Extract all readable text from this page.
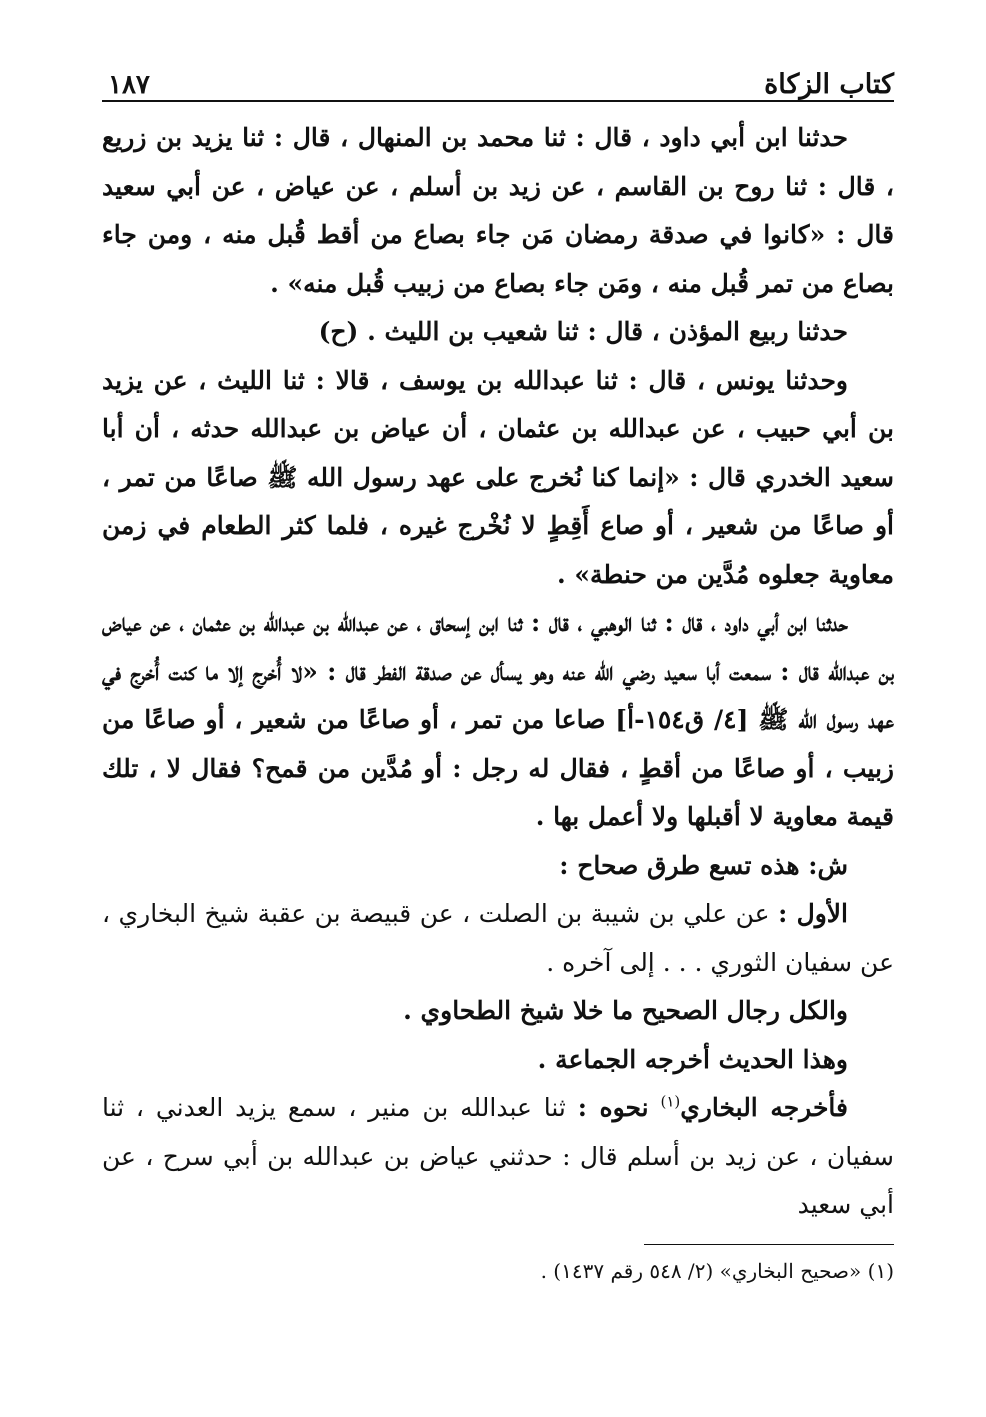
كتاب الزكاة
١٨٧

حدثنا ابن أبي داود ، قال : ثنا محمد بن المنهال ، قال : ثنا يزيد بن زريع ، قال : ثنا روح بن القاسم ، عن زيد بن أسلم ، عن عياض ، عن أبي سعيد قال : «كانوا في صدقة رمضان مَن جاء بصاع من أقط قُبل منه ، ومن جاء بصاع من تمر قُبل منه ، ومَن جاء بصاع من زبيب قُبل منه» .

حدثنا ربيع المؤذن ، قال : ثنا شعيب بن الليث . (ح)

وحدثنا يونس ، قال : ثنا عبدالله بن يوسف ، قالا : ثنا الليث ، عن يزيد بن أبي حبيب ، عن عبدالله بن عثمان ، أن عياض بن عبدالله حدثه ، أن أبا سعيد الخدري قال : «إنما كنا نُخرج على عهد رسول الله ﷺ صاعًا من تمر ، أو صاعًا من شعير ، أو صاع أَقِطٍ لا نُخْرج غيره ، فلما كثر الطعام في زمن معاوية جعلوه مُدَّين من حنطة» .

حدثنا ابن أبي داود ، قال : ثنا الوهبي ، قال : ثنا ابن إسحاق ، عن عبدالله بن عبدالله بن عثمان ، عن عياض بن عبدالله قال : سمعت أبا سعيد رضي الله عنه وهو يسأل عن صدقة الفطر قال : «لا أُخرج إلا ما كنت أُخرج في عهد رسول الله ﷺ [٤/ ق١٥٤-أ] صاعا من تمر ، أو صاعًا من شعير ، أو صاعًا من زبيب ، أو صاعًا من أقطٍ ، فقال له رجل : أو مُدَّين من قمح؟ فقال لا ، تلك قيمة معاوية لا أقبلها ولا أعمل بها .

ش: هذه تسع طرق صحاح :

الأول : عن علي بن شيبة بن الصلت ، عن قبيصة بن عقبة شيخ البخاري ، عن سفيان الثوري . . . إلى آخره .

والكل رجال الصحيح ما خلا شيخ الطحاوي .

وهذا الحديث أخرجه الجماعة .

فأخرجه البخاري$^{(١)}$ نحوه : ثنا عبدالله بن منير ، سمع يزيد العدني ، ثنا سفيان ، عن زيد بن أسلم قال : حدثني عياض بن عبدالله بن أبي سرح ، عن أبي سعيد

(١) «صحيح البخاري» (٢/ ٥٤٨ رقم ١٤٣٧) .
